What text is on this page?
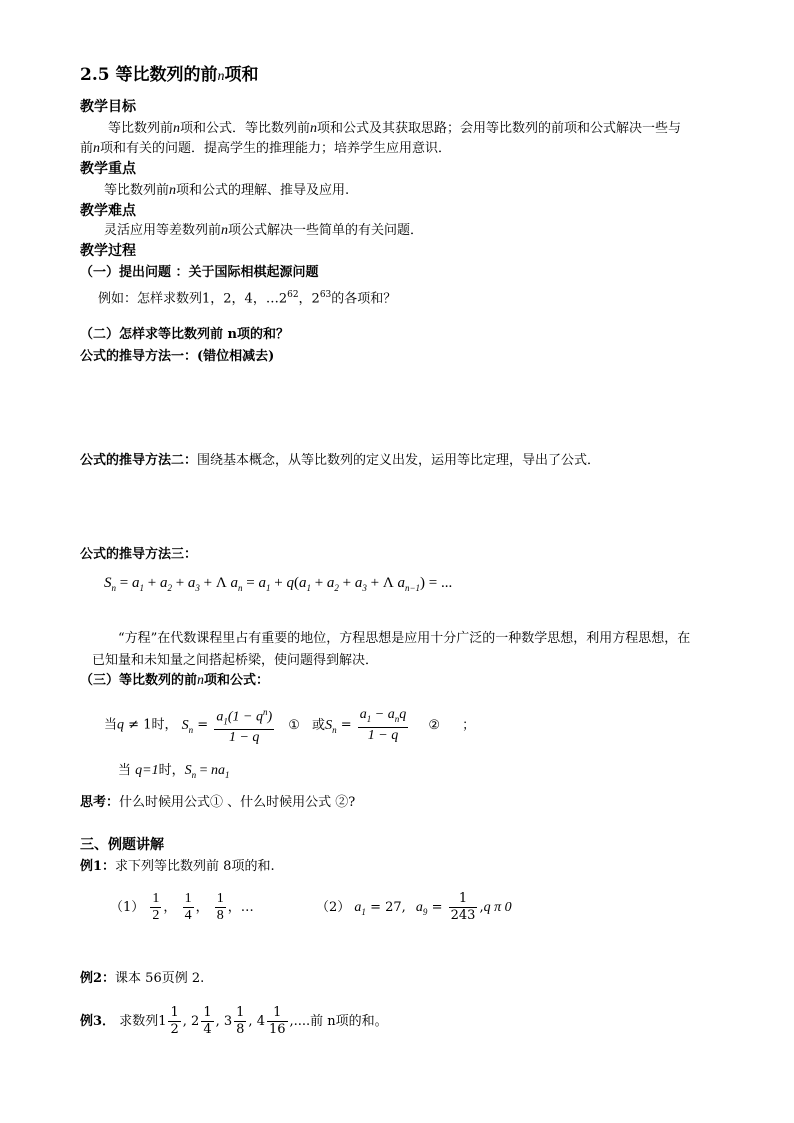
2.5 等比数列的前n项和
教学目标
等比数列前n项和公式．等比数列前n项和公式及其获取思路；会用等比数列的前项和公式解决一些与
前n项和有关的问题．提高学生的推理能力；培养学生应用意识．
教学重点
等比数列前n项和公式的理解、推导及应用.
教学难点
灵活应用等差数列前n项公式解决一些简单的有关问题．
教学过程
（一）提出问题 ：关于国际相棋起源问题
例如：怎样求数列1，2，4，$\dots 2^{62}$，$2^{63}$的各项和？
（二）怎样求等比数列前 n项的和？
公式的推导方法一：(错位相减去)
公式的推导方法二：围绕基本概念，从等比数列的定义出发，运用等比定理，导出了公式．
公式的推导方法三：
$S_n = a_1 + a_2 + a_3 + \Lambda$ $a_n = a_1 + q(a_1 + a_2 + a_3 + \Lambda$ $a_{n-1}$) = ...
“方程”在代数课程里占有重要的地位，方程思想是应用十分广泛的一种数学思想，利用方程思想，在
已知量和未知量之间搭起桥梁，使问题得到解决．
（三）等比数列的前n项和公式：
当q ≠ 1时， $S_n = \frac{a_1(1 - q^n)}{1 - q}$ ① 或$S_n = \frac{a_1 - a_nq}{1 - q}$ ② ；
当 q=1时，$S_n = na_1$
思考：什么时候用公式① 、什么时候用公式 ②?
三、例题讲解
例1：求下列等比数列前 8项的和.
$(1) \frac{1}{2}$ ， $\frac{1}{4}$ ， $\frac{1}{8}$ ，…	（2） $a_1 = 27$, $a_9 = \frac{1}{243} ,q$ π 0
例2：课本 56页例 2.
例3． 求数列$1 \frac{1}{2}$ , $2 \frac{1}{4}$ , $3 \frac{1}{8}$ , $4 \frac{1}{16}$ ,....前 n项的和。
